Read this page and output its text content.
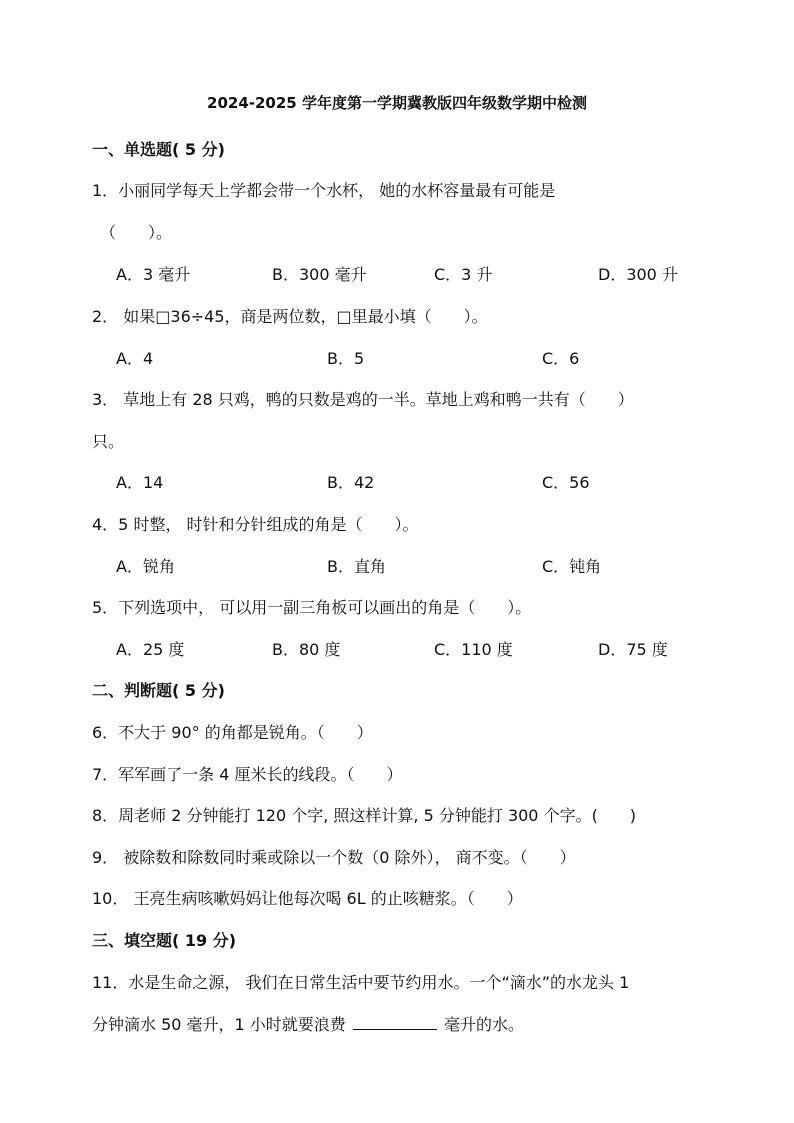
2024-2025 学年度第一学期冀教版四年级数学期中检测
一、单选题( 5 分)
1．小丽同学每天上学都会带一个水杯， 她的水杯容量最有可能是
（　　）。
A．3 毫升	B．300 毫升	C．3 升	D．300 升
2． 如果□36÷45，商是两位数，□里最小填（　　）。
A．4	B．5	C．6
3． 草地上有 28 只鸡，鸭的只数是鸡的一半。草地上鸡和鸭一共有（　　）
只。
A．14	B．42	C．56
4．5 时整， 时针和分针组成的角是（　　）。
A．锐角	B．直角	C．钝角
5．下列选项中， 可以用一副三角板可以画出的角是（　　）。
A．25 度	B．80 度	C．110 度	D．75 度
二、判断题( 5 分)
6．不大于 90° 的角都是锐角。（　　）
7．军军画了一条 4 厘米长的线段。（　　）
8．周老师 2 分钟能打 120 个字, 照这样计算, 5 分钟能打 300 个字。(　　)
9． 被除数和除数同时乘或除以一个数（0 除外）， 商不变。（　　）
10． 王亮生病咳嗽妈妈让他每次喝 6L 的止咳糖浆。（　　）
三、填空题( 19 分)
11．水是生命之源， 我们在日常生活中要节约用水。一个“滴水”的水龙头 1
分钟滴水 50 毫升，1 小时就要浪费	毫升的水。
